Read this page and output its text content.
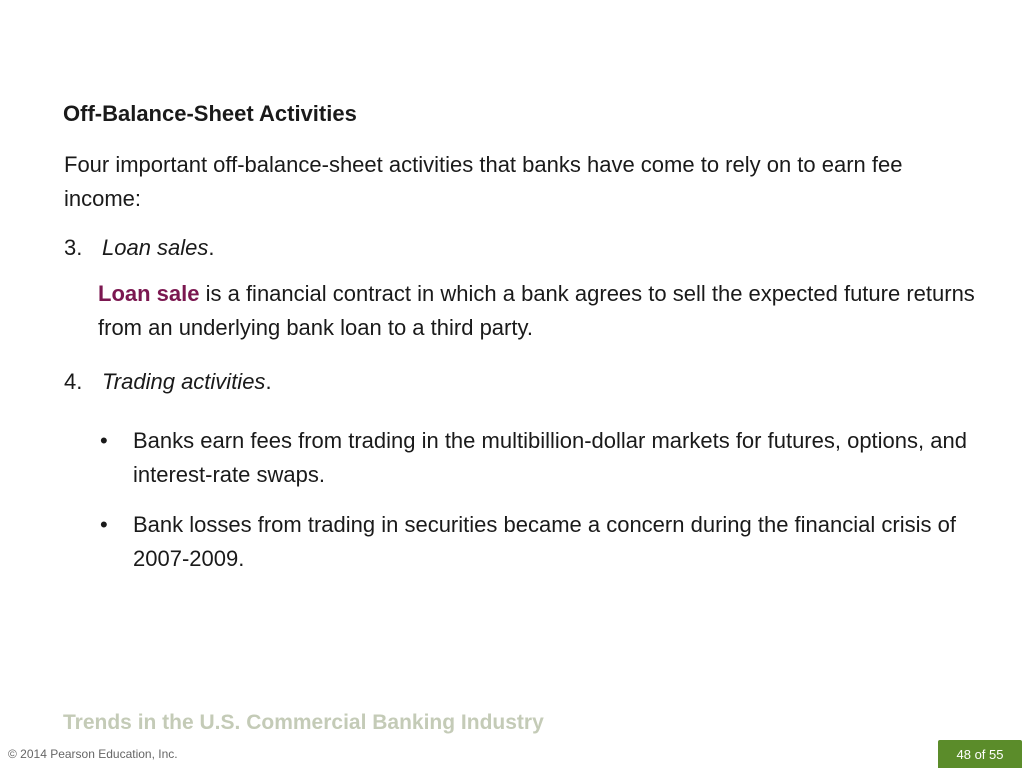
Off-Balance-Sheet Activities
Four important off-balance-sheet activities that banks have come to rely on to earn fee income:
3. Loan sales.
Loan sale is a financial contract in which a bank agrees to sell the expected future returns from an underlying bank loan to a third party.
4. Trading activities.
•	Banks earn fees from trading in the multibillion-dollar markets for futures, options, and interest-rate swaps.
•	Bank losses from trading in securities became a concern during the financial crisis of 2007-2009.
Trends in the U.S. Commercial Banking Industry
© 2014 Pearson Education, Inc.	48 of 55
